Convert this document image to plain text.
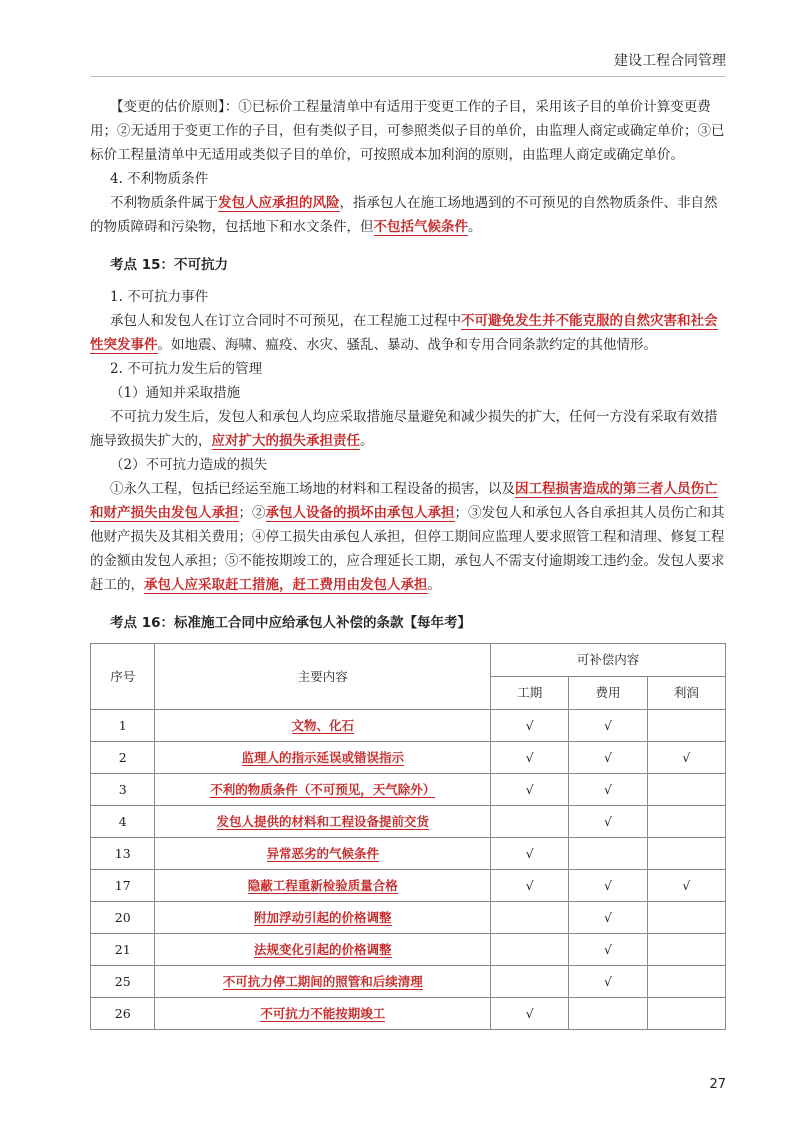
建设工程合同管理

【变更的估价原则】：①已标价工程量清单中有适用于变更工作的子目，采用该子目的单价计算变更费用；②无适用于变更工作的子目，但有类似子目，可参照类似子目的单价，由监理人商定或确定单价；③已标价工程量清单中无适用或类似子目的单价，可按照成本加利润的原则，由监理人商定或确定单价。

4. 不利物质条件

不利物质条件属于发包人应承担的风险，指承包人在施工场地遇到的不可预见的自然物质条件、非自然的物质障碍和污染物，包括地下和水文条件，但不包括气候条件。

考点 15：不可抗力

1. 不可抗力事件

承包人和发包人在订立合同时不可预见，在工程施工过程中不可避免发生并不能克服的自然灾害和社会性突发事件。如地震、海啸、瘟疫、水灾、骚乱、暴动、战争和专用合同条款约定的其他情形。

2. 不可抗力发生后的管理

（1）通知并采取措施

不可抗力发生后，发包人和承包人均应采取措施尽量避免和减少损失的扩大，任何一方没有采取有效措施导致损失扩大的，应对扩大的损失承担责任。

（2）不可抗力造成的损失

①永久工程，包括已经运至施工场地的材料和工程设备的损害，以及因工程损害造成的第三者人员伤亡和财产损失由发包人承担；②承包人设备的损坏由承包人承担；③发包人和承包人各自承担其人员伤亡和其他财产损失及其相关费用；④停工损失由承包人承担，但停工期间应监理人要求照管工程和清理、修复工程的金额由发包人承担；⑤不能按期竣工的，应合理延长工期，承包人不需支付逾期竣工违约金。发包人要求赶工的，承包人应采取赶工措施，赶工费用由发包人承担。

考点 16：标准施工合同中应给承包人补偿的条款【每年考】

序号	主要内容	可补偿内容		
		工期	费用	利润
1	文物、化石	√	√	
2	监理人的指示延误或错误指示	√	√	√
3	不利的物质条件（不可预见，天气除外）	√	√	
4	发包人提供的材料和工程设备提前交货		√	
13	异常恶劣的气候条件	√		
17	隐蔽工程重新检验质量合格	√	√	√
20	附加浮动引起的价格调整		√	
21	法规变化引起的价格调整		√	
25	不可抗力停工期间的照管和后续清理		√	
26	不可抗力不能按期竣工	√		
27
